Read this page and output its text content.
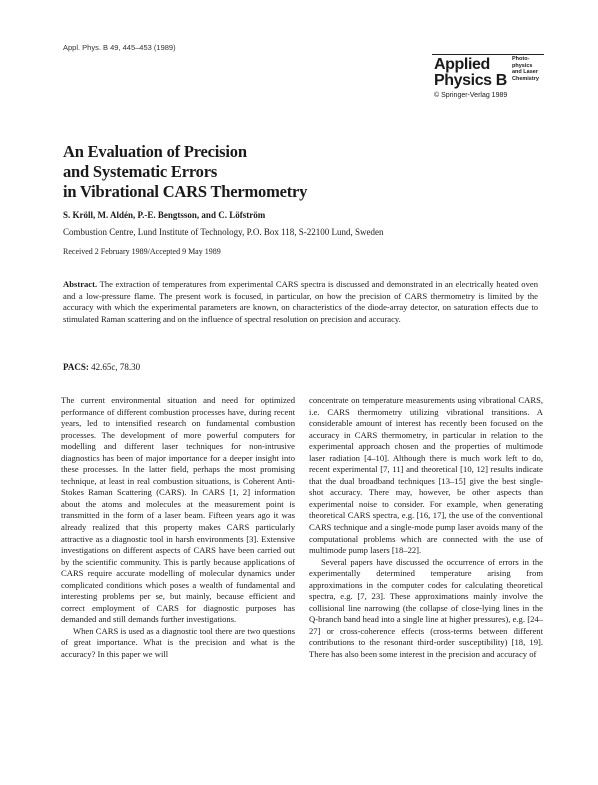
Appl. Phys. B 49, 445–453 (1989)
Applied
Physics B
Photo-
physics
and Laser
Chemistry
© Springer-Verlag 1989
An Evaluation of Precision
and Systematic Errors
in Vibrational CARS Thermometry
S. Kröll, M. Aldén, P.-E. Bengtsson, and C. Löfström
Combustion Centre, Lund Institute of Technology, P.O. Box 118, S-22100 Lund, Sweden
Received 2 February 1989/Accepted 9 May 1989

Abstract. The extraction of temperatures from experimental CARS spectra is discussed and demonstrated in an electrically heated oven and a low-pressure flame. The present work is focused, in particular, on how the precision of CARS thermometry is limited by the accuracy with which the experimental parameters are known, on characteristics of the diode-array detector, on saturation effects due to stimulated Raman scattering and on the influence of spectral resolution on precision and accuracy.

PACS: 42.65c, 78.30

The current environmental situation and need for optimized performance of different combustion processes have, during recent years, led to intensified research on fundamental combustion processes. The development of more powerful computers for modelling and different laser techniques for non-intrusive diagnostics has been of major importance for a deeper insight into these processes. In the latter field, perhaps the most promising technique, at least in real combustion situations, is Coherent Anti-Stokes Raman Scattering (CARS). In CARS [1, 2] information about the atoms and molecules at the measurement point is transmitted in the form of a laser beam. Fifteen years ago it was already realized that this property makes CARS particularly attractive as a diagnostic tool in harsh environments [3]. Extensive investigations on different aspects of CARS have been carried out by the scientific community. This is partly because applications of CARS require accurate modelling of molecular dynamics under complicated conditions which poses a wealth of fundamental and interesting problems per se, but mainly, because efficient and correct employment of CARS for diagnostic purposes has demanded and still demands further investigations.

When CARS is used as a diagnostic tool there are two questions of great importance. What is the precision and what is the accuracy? In this paper we will

concentrate on temperature measurements using vibrational CARS, i.e. CARS thermometry utilizing vibrational transitions. A considerable amount of interest has recently been focused on the accuracy in CARS thermometry, in particular in relation to the experimental approach chosen and the properties of multimode laser radiation [4–10]. Although there is much work left to do, recent experimental [7, 11] and theoretical [10, 12] results indicate that the dual broadband techniques [13–15] give the best single-shot accuracy. There may, however, be other aspects than experimental noise to consider. For example, when generating theoretical CARS spectra, e.g. [16, 17], the use of the conventional CARS technique and a single-mode pump laser avoids many of the computational problems which are connected with the use of multimode pump lasers [18–22].

Several papers have discussed the occurrence of errors in the experimentally determined temperature arising from approximations in the computer codes for calculating theoretical spectra, e.g. [7, 23]. These approximations mainly involve the collisional line narrowing (the collapse of close-lying lines in the Q-branch band head into a single line at higher pressures), e.g. [24–27] or cross-coherence effects (cross-terms between different contributions to the resonant third-order susceptibility) [18, 19]. There has also been some interest in the precision and accuracy of
